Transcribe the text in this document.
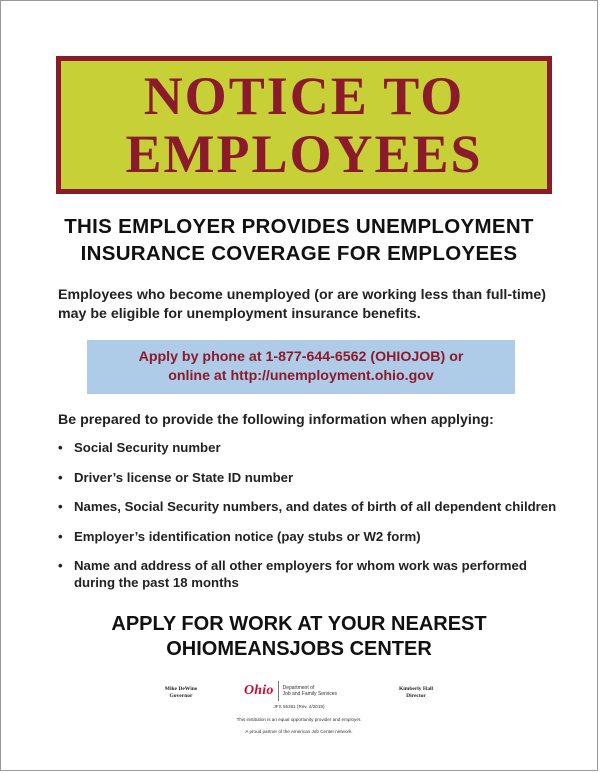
NOTICE TO
EMPLOYEES
THIS EMPLOYER PROVIDES UNEMPLOYMENT
INSURANCE COVERAGE FOR EMPLOYEES
Employees who become unemployed (or are working less than full-time)
may be eligible for unemployment insurance benefits.
Apply by phone at 1-877-644-6562 (OHIOJOB) or
online at http://unemployment.ohio.gov
Be prepared to provide the following information when applying:
• Social Security number
• Driver’s license or State ID number
• Names, Social Security numbers, and dates of birth of all dependent children
• Employer’s identification notice (pay stubs or W2 form)
• Name and address of all other employers for whom work was performed during the past 18 months
APPLY FOR WORK AT YOUR NEAREST
OHIOMEANSJOBS CENTER
Mike DeWine
Governor	Ohio Department of
Job and Family Services
Kimberly Hall
Director
JFS 55361 (Rev. 4/2019)
This institution is an equal opportunity provider and employer.
A proud partner of the American Job Center network.
